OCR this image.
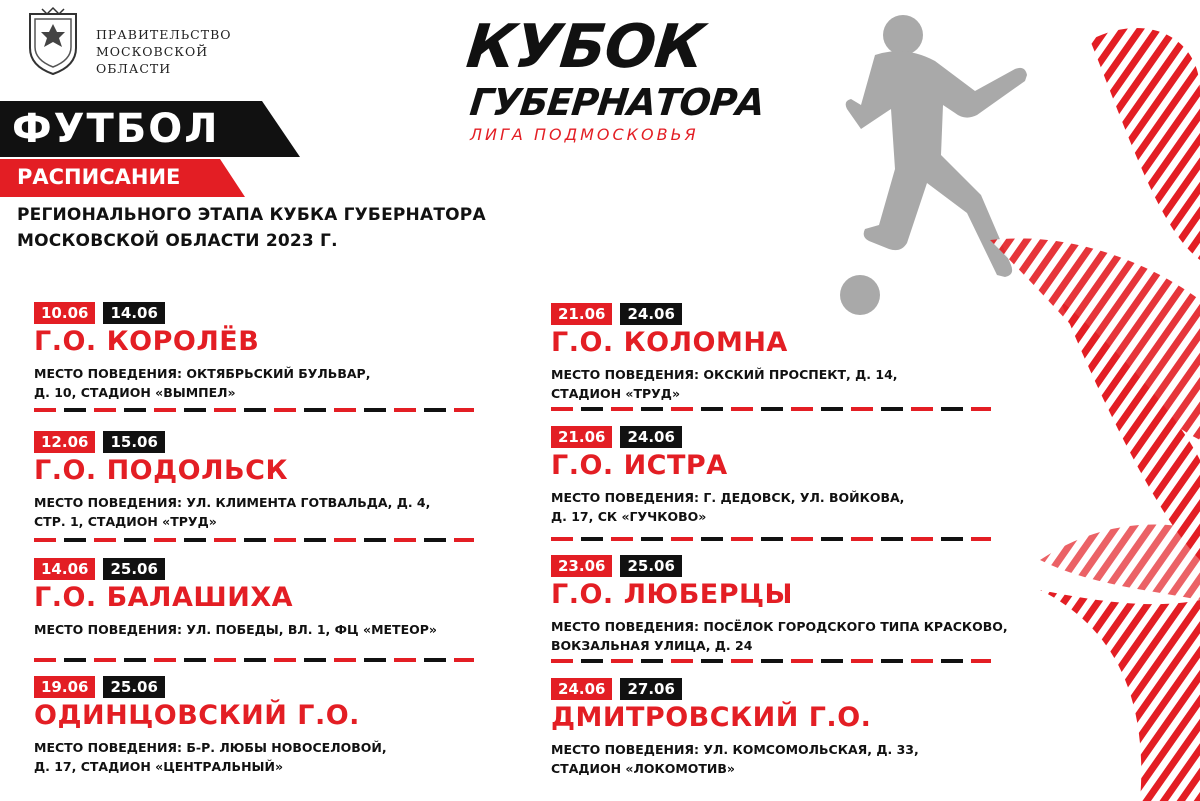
ПРАВИТЕЛЬСТВО
МОСКОВСКОЙ
ОБЛАСТИ	КУБОК
ГУБЕРНАТОРА
ЛИГА ПОДМОСКОВЬЯ
ФУТБОЛ
РАСПИСАНИЕ
РЕГИОНАЛЬНОГО ЭТАПА КУБКА ГУБЕРНАТОРА
МОСКОВСКОЙ ОБЛАСТИ 2023 Г.
10.06	14.06
Г.О. КОРОЛЁВ
МЕСТО ПОВЕДЕНИЯ: ОКТЯБРЬСКИЙ БУЛЬВАР,
Д. 10, СТАДИОН «ВЫМПЕЛ»
12.06	15.06
Г.О. ПОДОЛЬСК
МЕСТО ПОВЕДЕНИЯ: УЛ. КЛИМЕНТА ГОТВАЛЬДА, Д. 4,
СТР. 1, СТАДИОН «ТРУД»
14.06	25.06
Г.О. БАЛАШИХА
МЕСТО ПОВЕДЕНИЯ: УЛ. ПОБЕДЫ, ВЛ. 1, ФЦ «МЕТЕОР»
19.06	25.06
ОДИНЦОВСКИЙ Г.О.
МЕСТО ПОВЕДЕНИЯ: Б-Р. ЛЮБЫ НОВОСЕЛОВОЙ,
Д. 17, СТАДИОН «ЦЕНТРАЛЬНЫЙ»
21.06	24.06
Г.О. КОЛОМНА
МЕСТО ПОВЕДЕНИЯ: ОКСКИЙ ПРОСПЕКТ, Д. 14,
СТАДИОН «ТРУД»
21.06	24.06
Г.О. ИСТРА
МЕСТО ПОВЕДЕНИЯ: Г. ДЕДОВСК, УЛ. ВОЙКОВА,
Д. 17, СК «ГУЧКОВО»
23.06	25.06
Г.О. ЛЮБЕРЦЫ
МЕСТО ПОВЕДЕНИЯ: ПОСЁЛОК ГОРОДСКОГО ТИПА КРАСКОВО,
ВОКЗАЛЬНАЯ УЛИЦА, Д. 24
24.06	27.06
ДМИТРОВСКИЙ Г.О.
МЕСТО ПОВЕДЕНИЯ: УЛ. КОМСОМОЛЬСКАЯ, Д. 33,
СТАДИОН «ЛОКОМОТИВ»
